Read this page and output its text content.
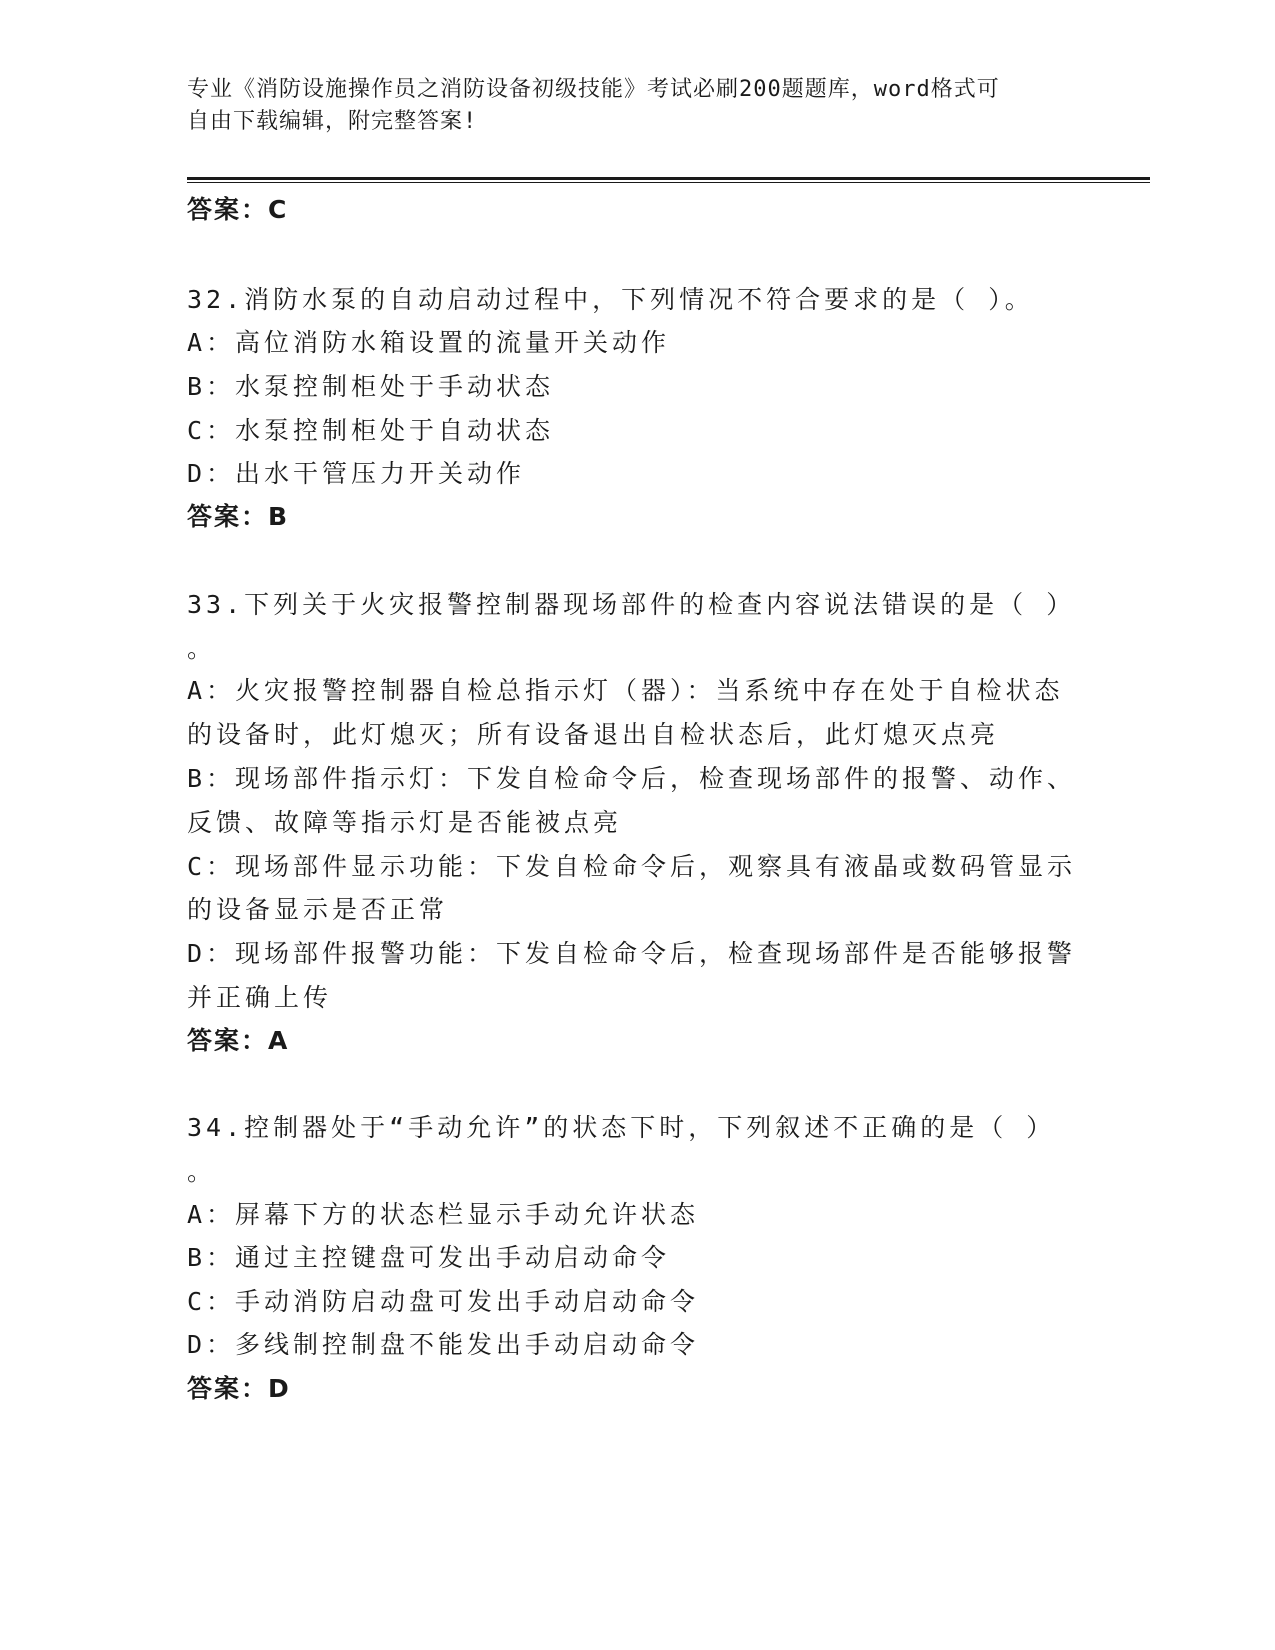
专业《消防设施操作员之消防设备初级技能》考试必刷200题题库，word格式可
自由下载编辑，附完整答案!
答案：C
32.消防水泵的自动启动过程中，下列情况不符合要求的是（ ）。
A：高位消防水箱设置的流量开关动作
B：水泵控制柜处于手动状态
C：水泵控制柜处于自动状态
D：出水干管压力开关动作
答案：B
33.下列关于火灾报警控制器现场部件的检查内容说法错误的是（ ）
。
A：火灾报警控制器自检总指示灯（器）：当系统中存在处于自检状态
的设备时，此灯熄灭；所有设备退出自检状态后，此灯熄灭点亮
B：现场部件指示灯：下发自检命令后，检查现场部件的报警、动作、
反馈、故障等指示灯是否能被点亮
C：现场部件显示功能：下发自检命令后，观察具有液晶或数码管显示
的设备显示是否正常
D：现场部件报警功能：下发自检命令后，检查现场部件是否能够报警
并正确上传
答案：A
34.控制器处于“手动允许”的状态下时，下列叙述不正确的是（ ）
。
A：屏幕下方的状态栏显示手动允许状态
B：通过主控键盘可发出手动启动命令
C：手动消防启动盘可发出手动启动命令
D：多线制控制盘不能发出手动启动命令
答案：D
